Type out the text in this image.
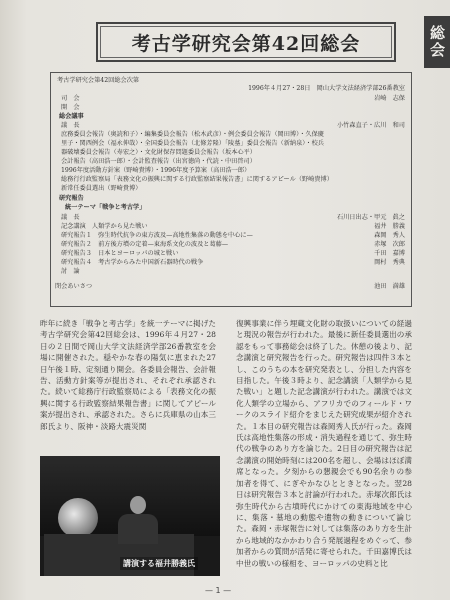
総会
考古学研究会第42回総会
考古学研究会第42回総会次第
1996年４月27・28日　岡山大学文法経済学部26番教室
司　会	岩崎　志保
開　会
総会議事
議　長	小竹森直子・広川　和司
庶務委員会報告（奥読和子）・編集委員会報告（松木武彦）・例会委員会報告（岡田博）・久保慶
里子・関西例会（福永伸哉）・全国委員会報告（北條芳隆）「陵墓」委員会報告（新納泉）・校兵
器破壊委員会報告（寿宏之）・文化財保存問題委員会報告（坂本心平）
会計報告（高田浩一郎）・会計監査報告（出宮徳尚・代読・中田啓司）
1996年度活動方針案（野崎貴博）・1996年度予算案（高田浩一郎）
総務行行政監察局「表務文化の振興に関する行政監察結果報告書」に関するアピール（野崎貴博）
新常任委員選出（野崎貴博）
研究報告
統一テーマ「戦争と考古学」
議　長	石川日出志・甲元　眞之
記念講演　人類学から見た戦い	福井　勝義
研究報告１　弥生時代抗争の東方波及—高地性集落の動態を中心に—	森岡　秀人
研究報告２　前方後方墳の定着—東海系文化の波及と葛藤—	赤塚　次郎
研究報告３　日本とヨーロッパの城と戦い	千田　嘉博
研究報告４　考古学からみた中国新石器時代の戦争	岡村　秀典
討　論
閉会あいさつ	池田　満雄
昨年に続き「戦争と考古学」を統一テーマに掲げた考古学研究会第42回総会は、1996年４月27・28日の２日間で岡山大学文法経済学部26番教室を会場に開催された。穏やかな春の陽気に恵まれた27日午後１時、定刻通り開会。各委員会報告、会計報告、活動方針案等が提出され、それぞれ承認された。続いて総務庁行政監察局による「表務文化の振興に関する行政監察結果報告書」に関してアピール案が提出され、承認された。さらに兵庫県の山本三郎氏より、阪神・淡路大震災関
復興事業に伴う埋蔵文化財の取扱いについての経過と現況の報告が行われた。最後に新任委員選出の承認をもって事務総会は終了した。休憩の後より、記念講演と研究報告を行った。研究報告は四件３本とし、このうちの本を研究発表とし、分担した内容を目指した。午後３時より、記念講演「人類学から見た戦い」と題した記念講演が行われた。講演では文化人類学の立場から、アフリカでのフィールド・ワークのスライド紹介をまじえた研究成果が紹介された。１本目の研究報告は森岡秀人氏が行った。森岡氏は高地性集落の形成・消失過程を通じて、弥生時代の戦争のあり方を論じた。2日目の研究報告は記念講演の開始時刻には200名を超し、会場はほぼ満席となった。夕刻からの懇親会でも90名余りの参加者を得て、にぎやかなひとときとなった。翌28日は研究報告３本と討論が行われた。赤塚次郎氏は弥生時代から古墳時代にかけての東海地域を中心に、集落・墓地の動態や遺物の動きについて論じた。森岡・赤塚報告に対しては集落のあり方を生計から地域的なかかわり合う発展過程をめぐって、参加者からの質問が活発に寄せられた。千田嘉博氏は中世の戦いの様相を、ヨーロッパの史料と比
講演する福井勝義氏
— 1 —
